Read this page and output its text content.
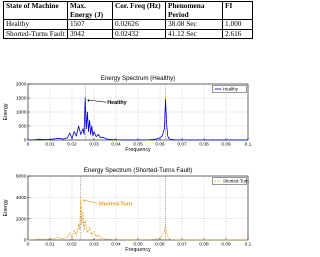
State of Machine	Max. Energy (J)	Cor. Freq (Hz)	Phenomena Period	FI
Healthy	1507	0.02626	38.08 Sec	1.000
Shorted-Turns Fault	3942	0.02432	41.12 Sec	2.616
Energy Spectrum (Healthy)
0	0.01	0.02	0.03	0.04	0.05	0.06	0.07	0.08	0.09	0.1
0
500
1000
1500
2000
Frequency
Energy
Healthy
Healthy
Energy Spectrum (Shorted-Turns Fault)
0	0.01	0.02	0.03	0.04	0.05	0.06	0.07	0.08	0.09	0.1
0
2000
4000
6000
Frequency
Energy
Shorted-Turn
Shorted-Turn
